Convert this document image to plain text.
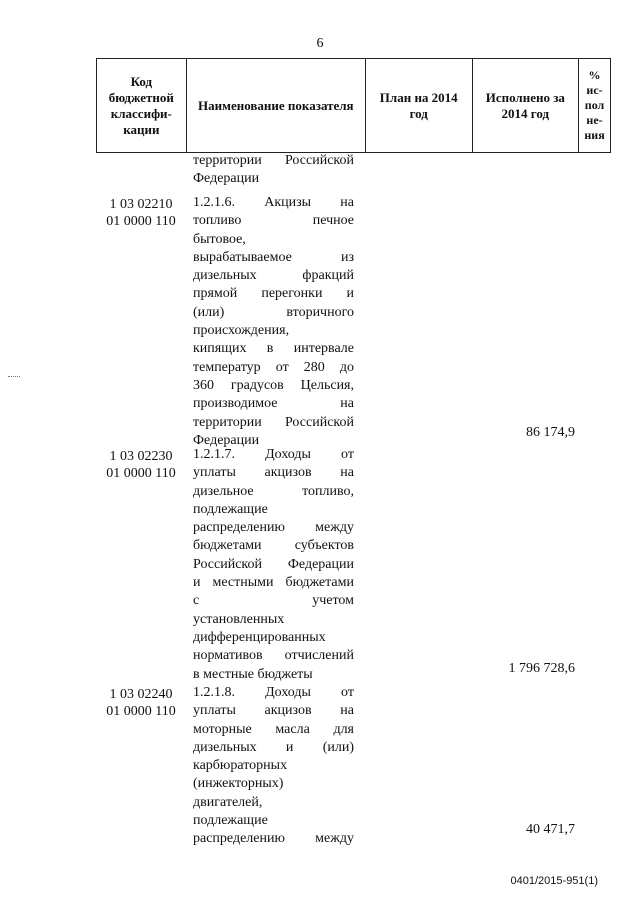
6
Код
бюджетной
классифи-
кации
Наименование показателя
План на 2014
год
Исполнено за
2014 год
%
ис-
пол
не-
ния
территории Российской
Федерации
1 03 02210
01 0000 110
1.2.1.6. Акцизы на
топливо печное
бытовое,
вырабатываемое из
дизельных фракций
прямой перегонки и
(или) вторичного
происхождения,
кипящих в интервале
температур от 280 до
360 градусов Цельсия,
производимое на
территории Российской
Федерации
86 174,9
1 03 02230
01 0000 110
1.2.1.7. Доходы от
уплаты акцизов на
дизельное топливо,
подлежащие
распределению между
бюджетами субъектов
Российской Федерации
и местными бюджетами
с учетом
установленных
дифференцированных
нормативов отчислений
в местные бюджеты	1 796 728,6
1 03 02240
01 0000 110
1.2.1.8. Доходы от
уплаты акцизов на
моторные масла для
дизельных и (или)
карбюраторных
(инжекторных)
двигателей,
подлежащие
распределению между
40 471,7
0401/2015-951(1)
